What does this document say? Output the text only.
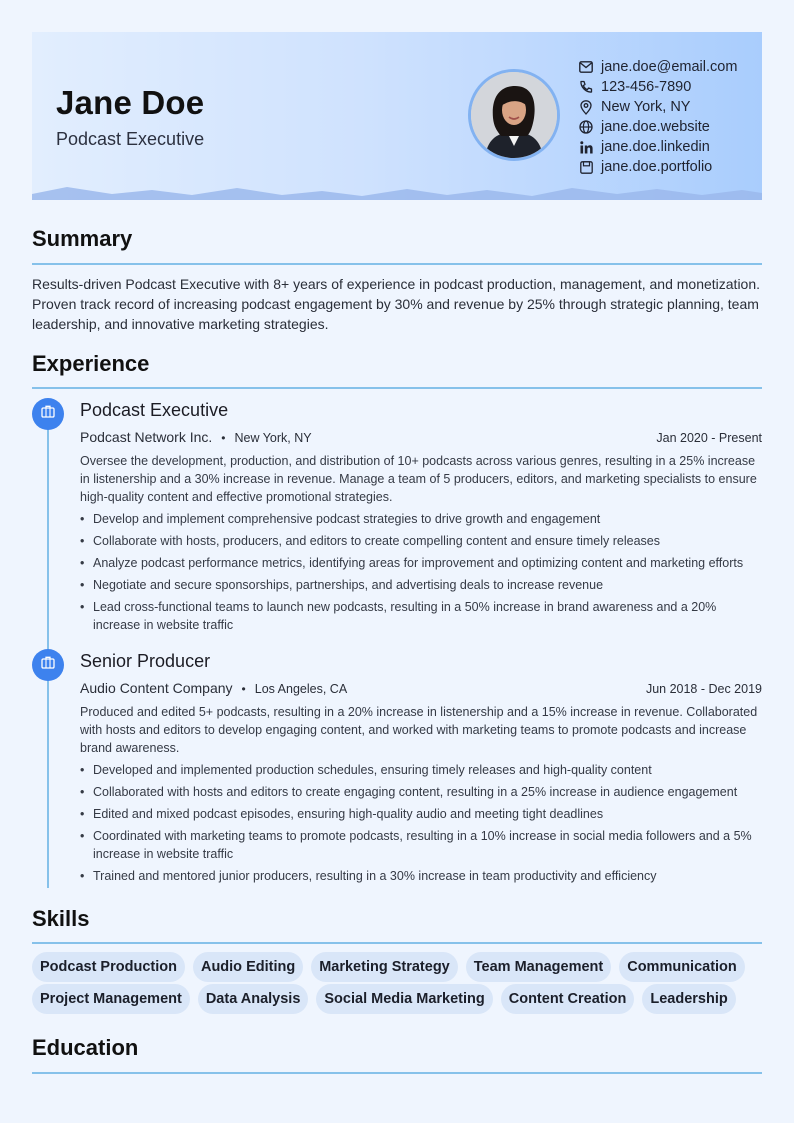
Jane Doe
Podcast Executive
jane.doe@email.com
123-456-7890
New York, NY
jane.doe.website
jane.doe.linkedin
jane.doe.portfolio
Summary
Results-driven Podcast Executive with 8+ years of experience in podcast production, management, and monetization. Proven track record of increasing podcast engagement by 30% and revenue by 25% through strategic planning, team leadership, and innovative marketing strategies.
Experience
Podcast Executive
Podcast Network Inc. • New York, NY	Jan 2020 - Present
Oversee the development, production, and distribution of 10+ podcasts across various genres, resulting in a 25% increase in listenership and a 30% increase in revenue. Manage a team of 5 producers, editors, and marketing specialists to ensure high-quality content and effective promotional strategies.
• Develop and implement comprehensive podcast strategies to drive growth and engagement
• Collaborate with hosts, producers, and editors to create compelling content and ensure timely releases
• Analyze podcast performance metrics, identifying areas for improvement and optimizing content and marketing efforts
• Negotiate and secure sponsorships, partnerships, and advertising deals to increase revenue
• Lead cross-functional teams to launch new podcasts, resulting in a 50% increase in brand awareness and a 20% increase in website traffic
Senior Producer
Audio Content Company • Los Angeles, CA	Jun 2018 - Dec 2019
Produced and edited 5+ podcasts, resulting in a 20% increase in listenership and a 15% increase in revenue. Collaborated with hosts and editors to develop engaging content, and worked with marketing teams to promote podcasts and increase brand awareness.
• Developed and implemented production schedules, ensuring timely releases and high-quality content
• Collaborated with hosts and editors to create engaging content, resulting in a 25% increase in audience engagement
• Edited and mixed podcast episodes, ensuring high-quality audio and meeting tight deadlines
• Coordinated with marketing teams to promote podcasts, resulting in a 10% increase in social media followers and a 5% increase in website traffic
• Trained and mentored junior producers, resulting in a 30% increase in team productivity and efficiency
Skills
Podcast Production	Audio Editing	Marketing Strategy	Team Management	Communication
Project Management	Data Analysis	Social Media Marketing	Content Creation	Leadership
Education
